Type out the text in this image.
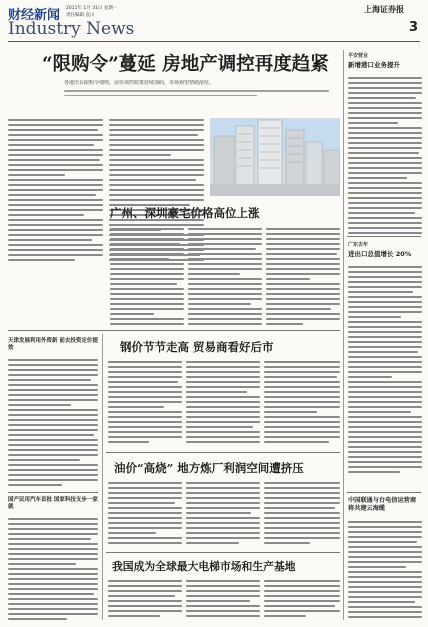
财经新闻 2011年 1月 31日 星期一
责任编辑 袁川
Industry News
上海证券报
3
“限购令”蔓延 房地产调控再度趋紧
各地出台限购令细则，房价调控政策持续加码，市场观望情绪浓厚。
广州、深圳豪宅价格高位上涨
天津发展利用外资新 前去投资定价提效	钢价节节走高 贸易商看好后市
油价“高烧” 地方炼厂利润空间遭挤压
国产民用汽车首批 国家科技支步一家就
我国成为全球最大电梯市场和生产基地
平安营业
新增港口业务提升
广东去年
进出口总值增长 20%
中国联通与台电信运营商 将共建云海缆
